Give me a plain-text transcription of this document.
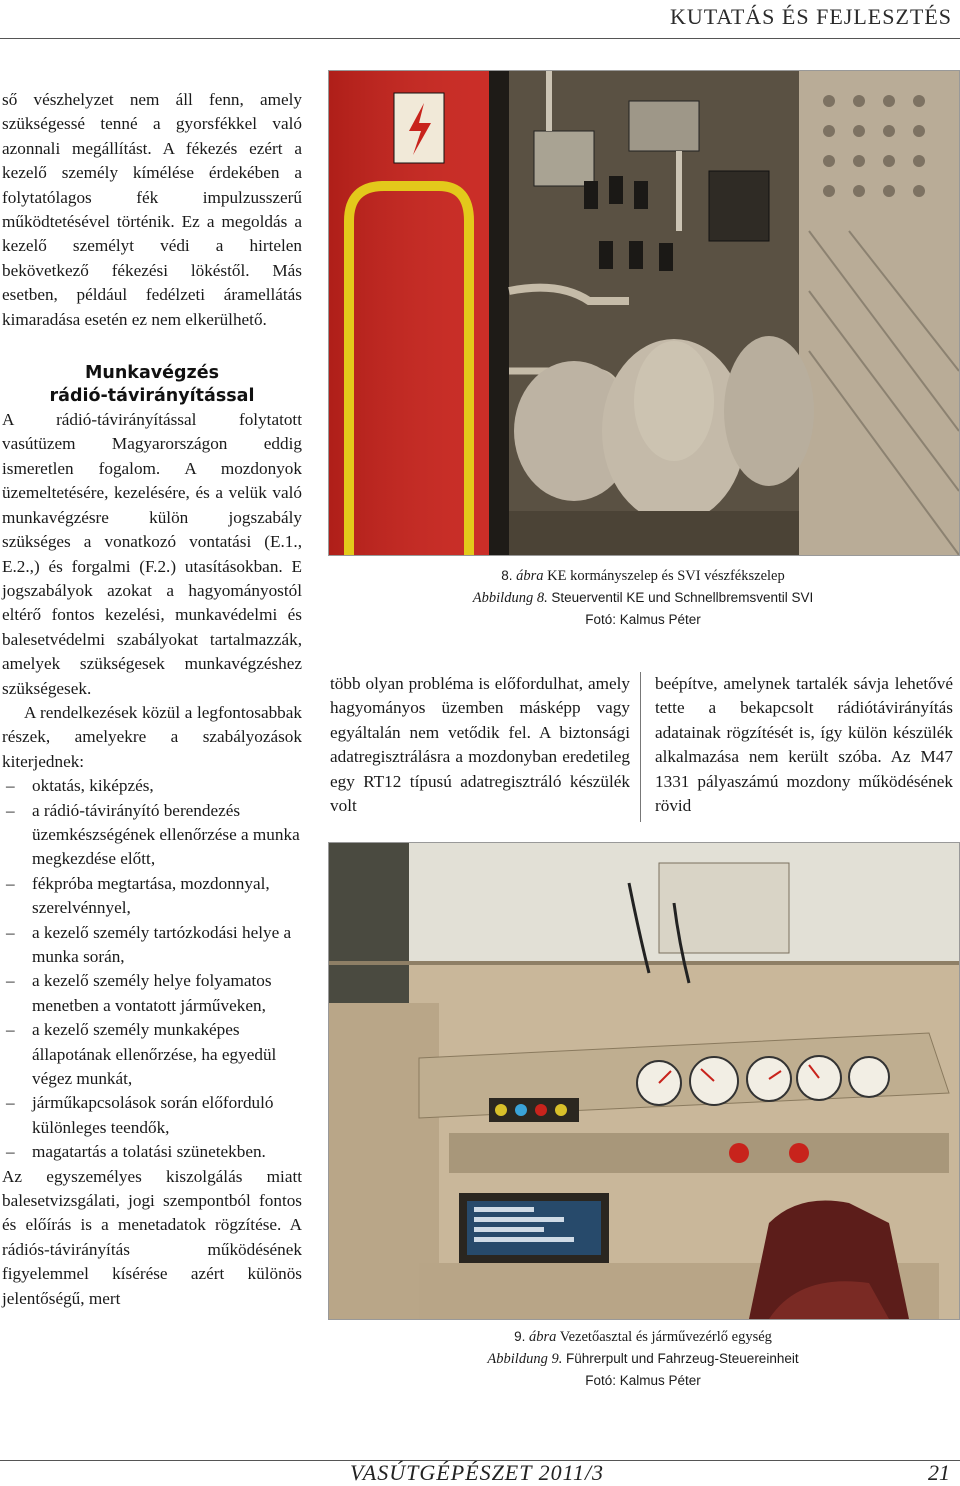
KUTATÁS ÉS FEJLESZTÉS

ső vészhelyzet nem áll fenn, amely szükségessé tenné a gyorsfékkel való azonnali megállítást. A fékezés ezért a kezelő személy kímélése érdekében a folytatólagos fék impulzusszerű működtetésével történik. Ez a megoldás a kezelő személyt védi a hirtelen bekövetkező fékezési lökéstől. Más esetben, például fedélzeti áramellátás kimaradása esetén ez nem elkerülhető.

Munkavégzés
rádió-távirányítással

A rádió-távirányítással folytatott vasútüzem Magyarországon eddig ismeretlen fogalom. A mozdonyok üzemeltetésére, kezelésére, és a velük való munkavégzésre külön jogszabály szükséges a vonatkozó vontatási (E.1., E.2.,) és forgalmi (F.2.) utasításokban. E jogszabályok azokat a hagyományostól eltérő fontos kezelési, munkavédelmi és balesetvédelmi szabályokat tartalmazzák, amelyek szükségesek munkavégzéshez szükségesek.

A rendelkezések közül a legfontosabbak részek, amelyekre a szabályozások kiterjednek:

– oktatás, kiképzés,
– a rádió-távirányító berendezés üzemkészségének ellenőrzése a munka megkezdése előtt,
– fékpróba megtartása, mozdonnyal, szerelvénnyel,
– a kezelő személy tartózkodási helye a munka során,
– a kezelő személy helye folyamatos menetben a vontatott járműveken,
– a kezelő személy munkaképes állapotának ellenőrzése, ha egyedül végez munkát,
– járműkapcsolások során előforduló különleges teendők,
– magatartás a tolatási szünetekben.

Az egyszemélyes kiszolgálás miatt balesetvizsgálati, jogi szempontból fontos és előírás is a menetadatok rögzítése. A rádiós-távirányítás működésének figyelemmel kísérése azért különös jelentőségű, mert

8. ábra KE kormányszelep és SVI vészfékszelep
Abbildung 8. Steuerventil KE und Schnellbremsventil SVI
Fotó: Kalmus Péter

több olyan probléma is előfordulhat, amely hagyományos üzemben másképp vagy egyáltalán nem vetődik fel. A biztonsági adatregisztrálásra a mozdonyban eredetileg egy RT12 típusú adatregisztráló készülék volt

beépítve, amelynek tartalék sávja lehetővé tette a bekapcsolt rádiótávirányítás adatainak rögzítését is, így külön készülék alkalmazása nem került szóba. Az M47 1331 pályaszámú mozdony működésének rövid

9. ábra Vezetőasztal és járművezérlő egység
Abbildung 9. Führerpult und Fahrzeug-Steuereinheit
Fotó: Kalmus Péter
VASÚTGÉPÉSZET 2011/3	21
